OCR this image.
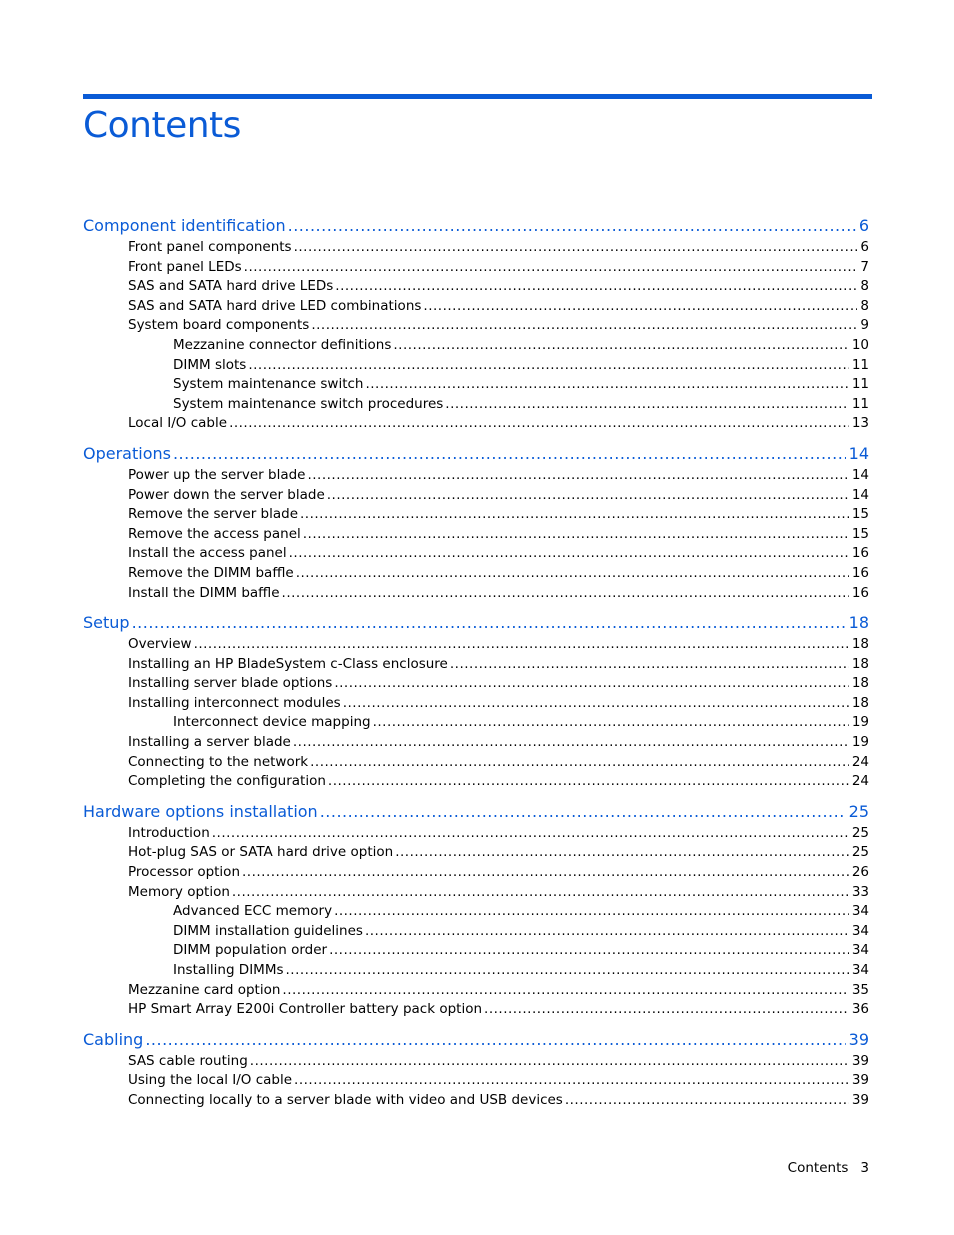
Contents
Component identification .....	6
Front panel components .....	6
Front panel LEDs .....	7
SAS and SATA hard drive LEDs .....	8
SAS and SATA hard drive LED combinations .....	8
System board components .....	9
Mezzanine connector definitions .....	10
DIMM slots .....	11
System maintenance switch .....	11
System maintenance switch procedures .....	11
Local I/O cable .....	13
Operations .....	14
Power up the server blade .....	14
Power down the server blade .....	14
Remove the server blade .....	15
Remove the access panel .....	15
Install the access panel .....	16
Remove the DIMM baffle .....	16
Install the DIMM baffle .....	16
Setup .....	18
Overview .....	18
Installing an HP BladeSystem c-Class enclosure .....	18
Installing server blade options .....	18
Installing interconnect modules .....	18
Interconnect device mapping .....	19
Installing a server blade .....	19
Connecting to the network .....	24
Completing the configuration .....	24
Hardware options installation .....	25
Introduction .....	25
Hot-plug SAS or SATA hard drive option .....	25
Processor option .....	26
Memory option .....	33
Advanced ECC memory .....	34
DIMM installation guidelines .....	34
DIMM population order .....	34
Installing DIMMs .....	34
Mezzanine card option .....	35
HP Smart Array E200i Controller battery pack option .....	36
Cabling .....	39
SAS cable routing .....	39
Using the local I/O cable .....	39
Connecting locally to a server blade with video and USB devices .....	39
Contents 3
